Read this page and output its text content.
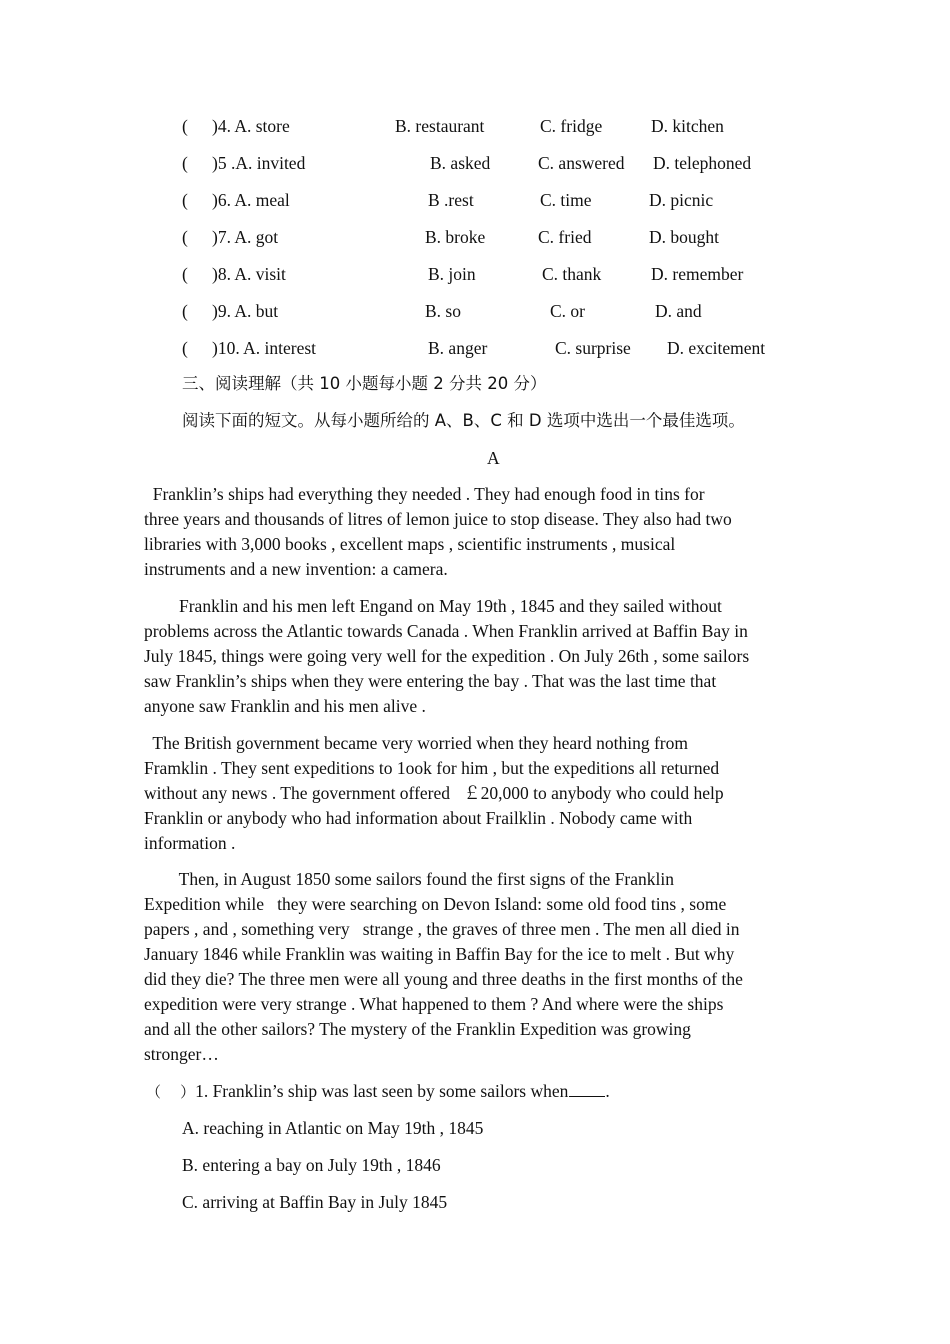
( )4. A. store	B. restaurant	C. fridge	D. kitchen
( )5 .A. invited	B. asked	C. answered D. telephoned
( )6. A. meal	B .rest	C. time	D. picnic
( )7. A. got	B. broke	C. fried	D. bought
( )8. A. visit	B. join	C. thank	D. remember
( )9. A. but	B. so	C. or	D. and
( )10. A. interest	B. anger	C. surprise D. excitement
三、阅读理解（共 10 小题每小题 2 分共 20 分）
阅读下面的短文。从每小题所给的 A、B、C 和 D 选项中选出一个最佳选项。
A
Franklin’s ships had everything they needed . They had enough food in tins for
three years and thousands of litres of lemon juice to stop disease. They also had two
libraries with 3,000 books , excellent maps , scientific instruments , musical
instruments and a new invention: a camera.
Franklin and his men left Engand on May 19th , 1845 and they sailed without
problems across the Atlantic towards Canada . When Franklin arrived at Baffin Bay in
July 1845, things were going very well for the expedition . On July 26th , some sailors
saw Franklin’s ships when they were entering the bay . That was the last time that
anyone saw Franklin and his men alive .
The British government became very worried when they heard nothing from
Framklin . They sent expeditions to 1ook for him , but the expeditions all returned
without any news . The government offered   ￡20,000 to anybody who could help
Franklin or anybody who had information about Frailklin . Nobody came with
information .
Then, in August 1850 some sailors found the first signs of the Franklin
Expedition while   they were searching on Devon Island: some old food tins , some
papers , and , something very   strange , the graves of three men . The men all died in
January 1846 while Franklin was waiting in Baffin Bay for the ice to melt . But why
did they die? The three men were all young and three deaths in the first months of the
expedition were very strange . What happened to them ? And where were the ships
and all the other sailors? The mystery of the Franklin Expedition was growing
stronger…
（    ）1. Franklin’s ship was last seen by some sailors when .
A. reaching in Atlantic on May 19th , 1845
B. entering a bay on July 19th , 1846
C. arriving at Baffin Bay in July 1845
